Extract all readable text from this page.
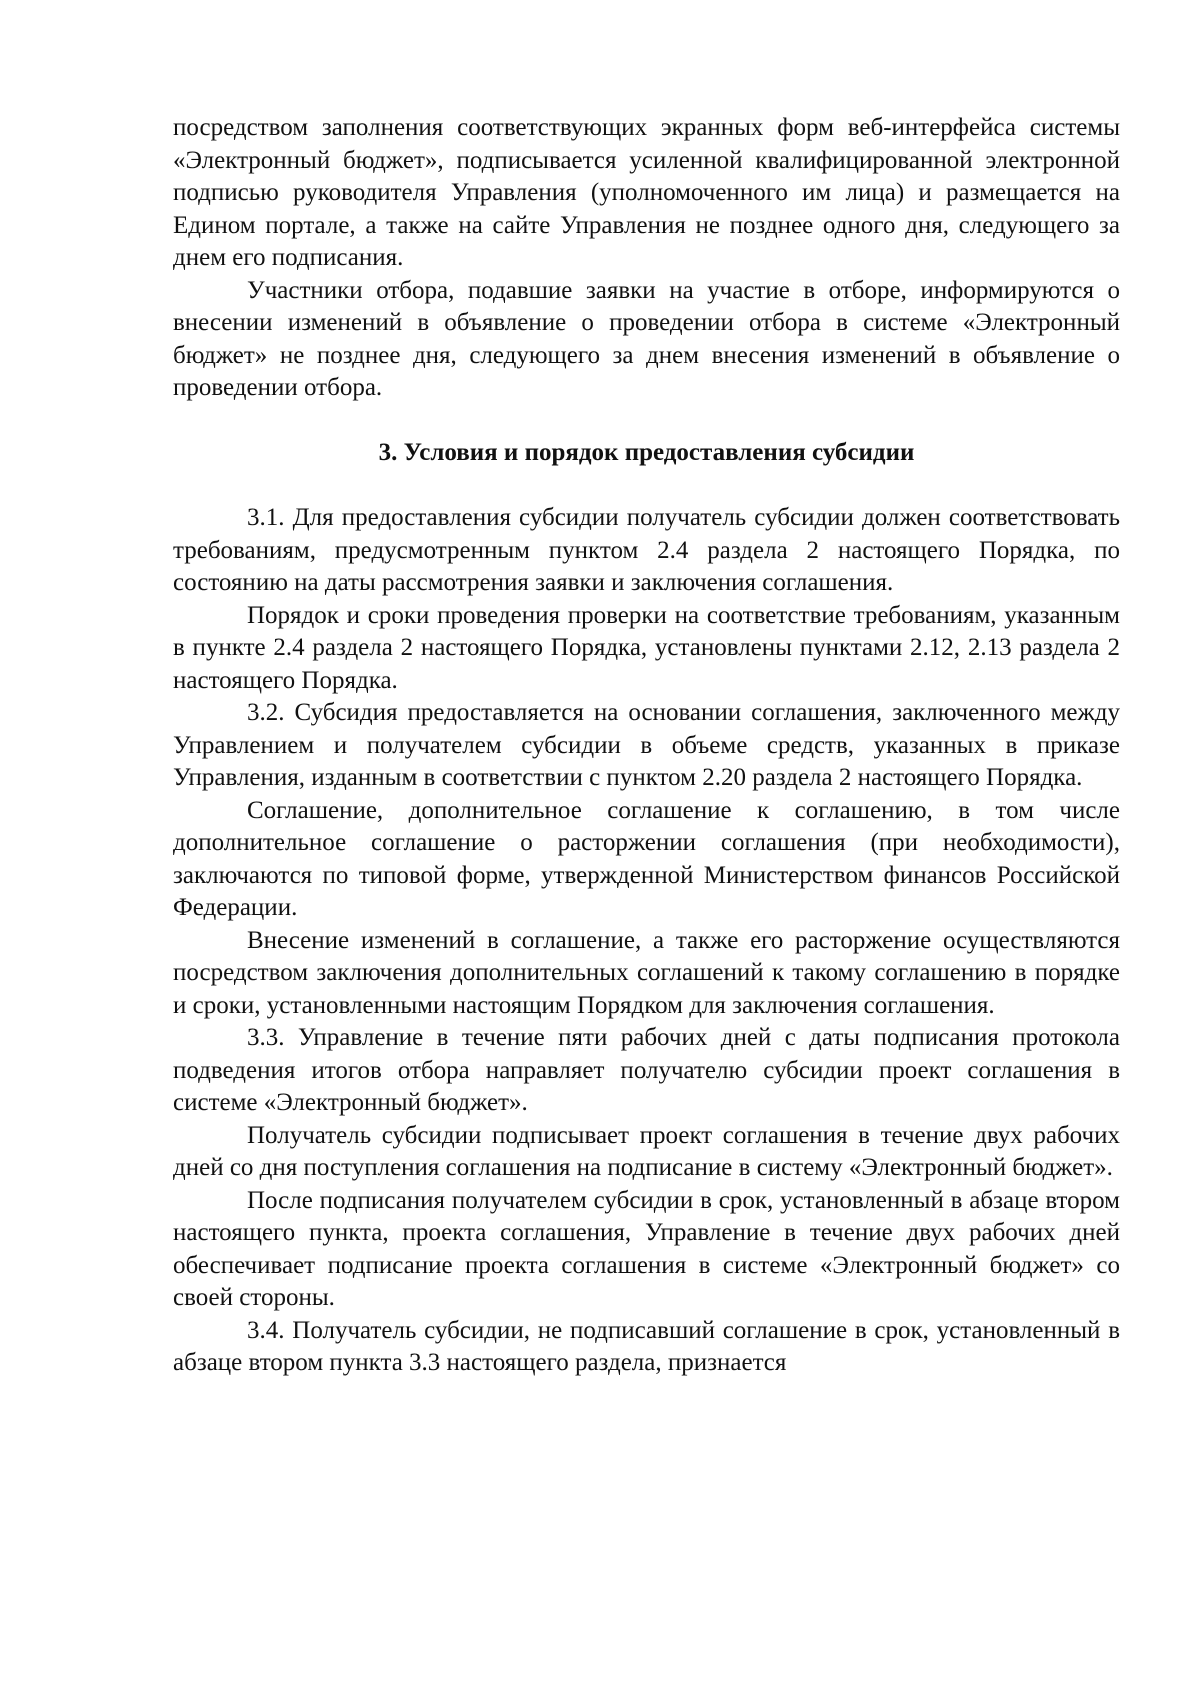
посредством заполнения соответствующих экранных форм веб-интерфейса системы «Электронный бюджет», подписывается усиленной квалифицированной электронной подписью руководителя Управления (уполномоченного им лица) и размещается на Едином портале, а также на сайте Управления не позднее одного дня, следующего за днем его подписания.

Участники отбора, подавшие заявки на участие в отборе, информируются о внесении изменений в объявление о проведении отбора в системе «Электронный бюджет» не позднее дня, следующего за днем внесения изменений в объявление о проведении отбора.

3. Условия и порядок предоставления субсидии

3.1. Для предоставления субсидии получатель субсидии должен соответствовать требованиям, предусмотренным пунктом 2.4 раздела 2 настоящего Порядка, по состоянию на даты рассмотрения заявки и заключения соглашения.

Порядок и сроки проведения проверки на соответствие требованиям, указанным в пункте 2.4 раздела 2 настоящего Порядка, установлены пунктами 2.12, 2.13 раздела 2 настоящего Порядка.

3.2. Субсидия предоставляется на основании соглашения, заключенного между Управлением и получателем субсидии в объеме средств, указанных в приказе Управления, изданным в соответствии с пунктом 2.20 раздела 2 настоящего Порядка.

Соглашение, дополнительное соглашение к соглашению, в том числе дополнительное соглашение о расторжении соглашения (при необходимости), заключаются по типовой форме, утвержденной Министерством финансов Российской Федерации.

Внесение изменений в соглашение, а также его расторжение осуществляются посредством заключения дополнительных соглашений к такому соглашению в порядке и сроки, установленными настоящим Порядком для заключения соглашения.

3.3. Управление в течение пяти рабочих дней с даты подписания протокола подведения итогов отбора направляет получателю субсидии проект соглашения в системе «Электронный бюджет».

Получатель субсидии подписывает проект соглашения в течение двух рабочих дней со дня поступления соглашения на подписание в систему «Электронный бюджет».

После подписания получателем субсидии в срок, установленный в абзаце втором настоящего пункта, проекта соглашения, Управление в течение двух рабочих дней обеспечивает подписание проекта соглашения в системе «Электронный бюджет» со своей стороны.

3.4. Получатель субсидии, не подписавший соглашение в срок, установленный в абзаце втором пункта 3.3 настоящего раздела, признается
